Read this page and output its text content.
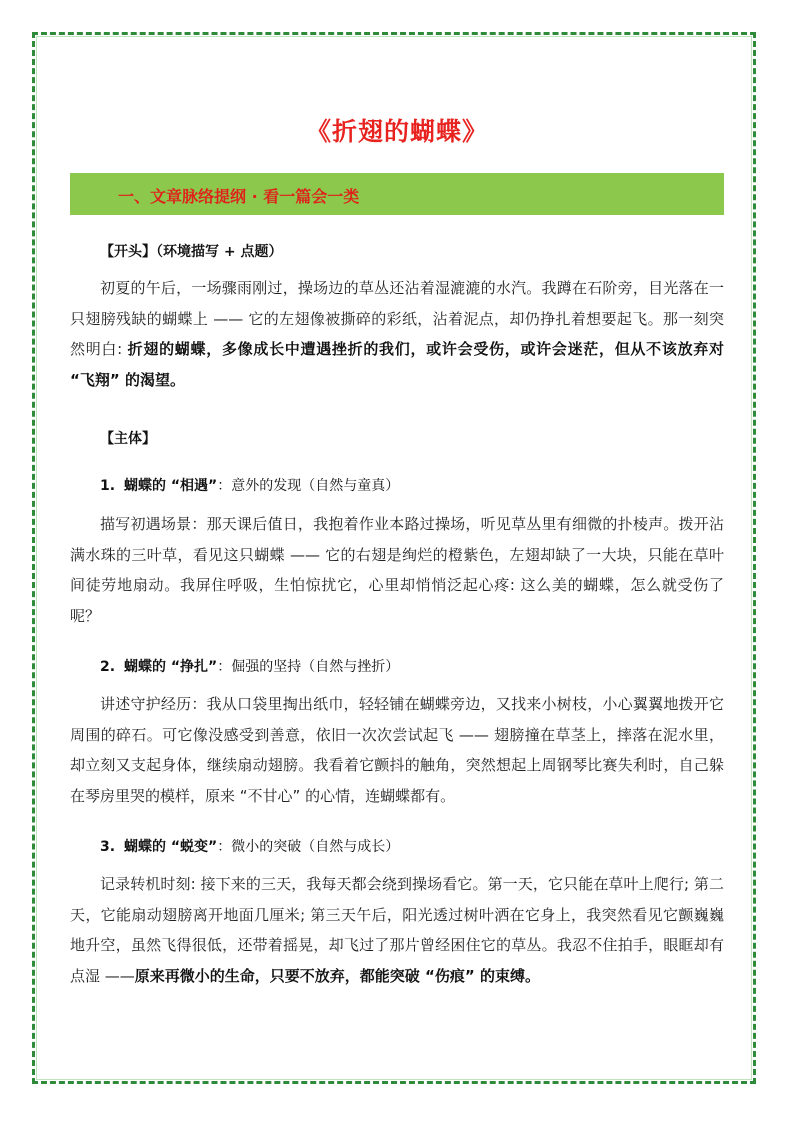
《折翅的蝴蝶》
一、文章脉络提纲 · 看一篇会一类
【开头】（环境描写 + 点题）
初夏的午后，一场骤雨刚过，操场边的草丛还沾着湿漉漉的水汽。我蹲在石阶旁，目光落在一只翅膀残缺的蝴蝶上 —— 它的左翅像被撕碎的彩纸，沾着泥点，却仍挣扎着想要起飞。那一刻突然明白: 折翅的蝴蝶，多像成长中遭遇挫折的我们，或许会受伤，或许会迷茫，但从不该放弃对 “飞翔” 的渴望。
【主体】
1. 蝴蝶的 “相遇”：意外的发现（自然与童真）
描写初遇场景：那天课后值日，我抱着作业本路过操场，听见草丛里有细微的扑棱声。拨开沾满水珠的三叶草，看见这只蝴蝶 —— 它的右翅是绚烂的橙紫色，左翅却缺了一大块，只能在草叶间徒劳地扇动。我屏住呼吸，生怕惊扰它，心里却悄悄泛起心疼: 这么美的蝴蝶，怎么就受伤了呢？
2. 蝴蝶的 “挣扎”：倔强的坚持（自然与挫折）
讲述守护经历：我从口袋里掏出纸巾，轻轻铺在蝴蝶旁边，又找来小树枝，小心翼翼地拨开它周围的碎石。可它像没感受到善意，依旧一次次尝试起飞 —— 翅膀撞在草茎上，摔落在泥水里，却立刻又支起身体，继续扇动翅膀。我看着它颤抖的触角，突然想起上周钢琴比赛失利时，自己躲在琴房里哭的模样，原来 “不甘心” 的心情，连蝴蝶都有。
3. 蝴蝶的 “蜕变”：微小的突破（自然与成长）
记录转机时刻: 接下来的三天，我每天都会绕到操场看它。第一天，它只能在草叶上爬行; 第二天，它能扇动翅膀离开地面几厘米; 第三天午后，阳光透过树叶洒在它身上，我突然看见它颤巍巍地升空，虽然飞得很低，还带着摇晃，却飞过了那片曾经困住它的草丛。我忍不住拍手，眼眶却有点湿 ——原来再微小的生命，只要不放弃，都能突破 “伤痕” 的束缚。
